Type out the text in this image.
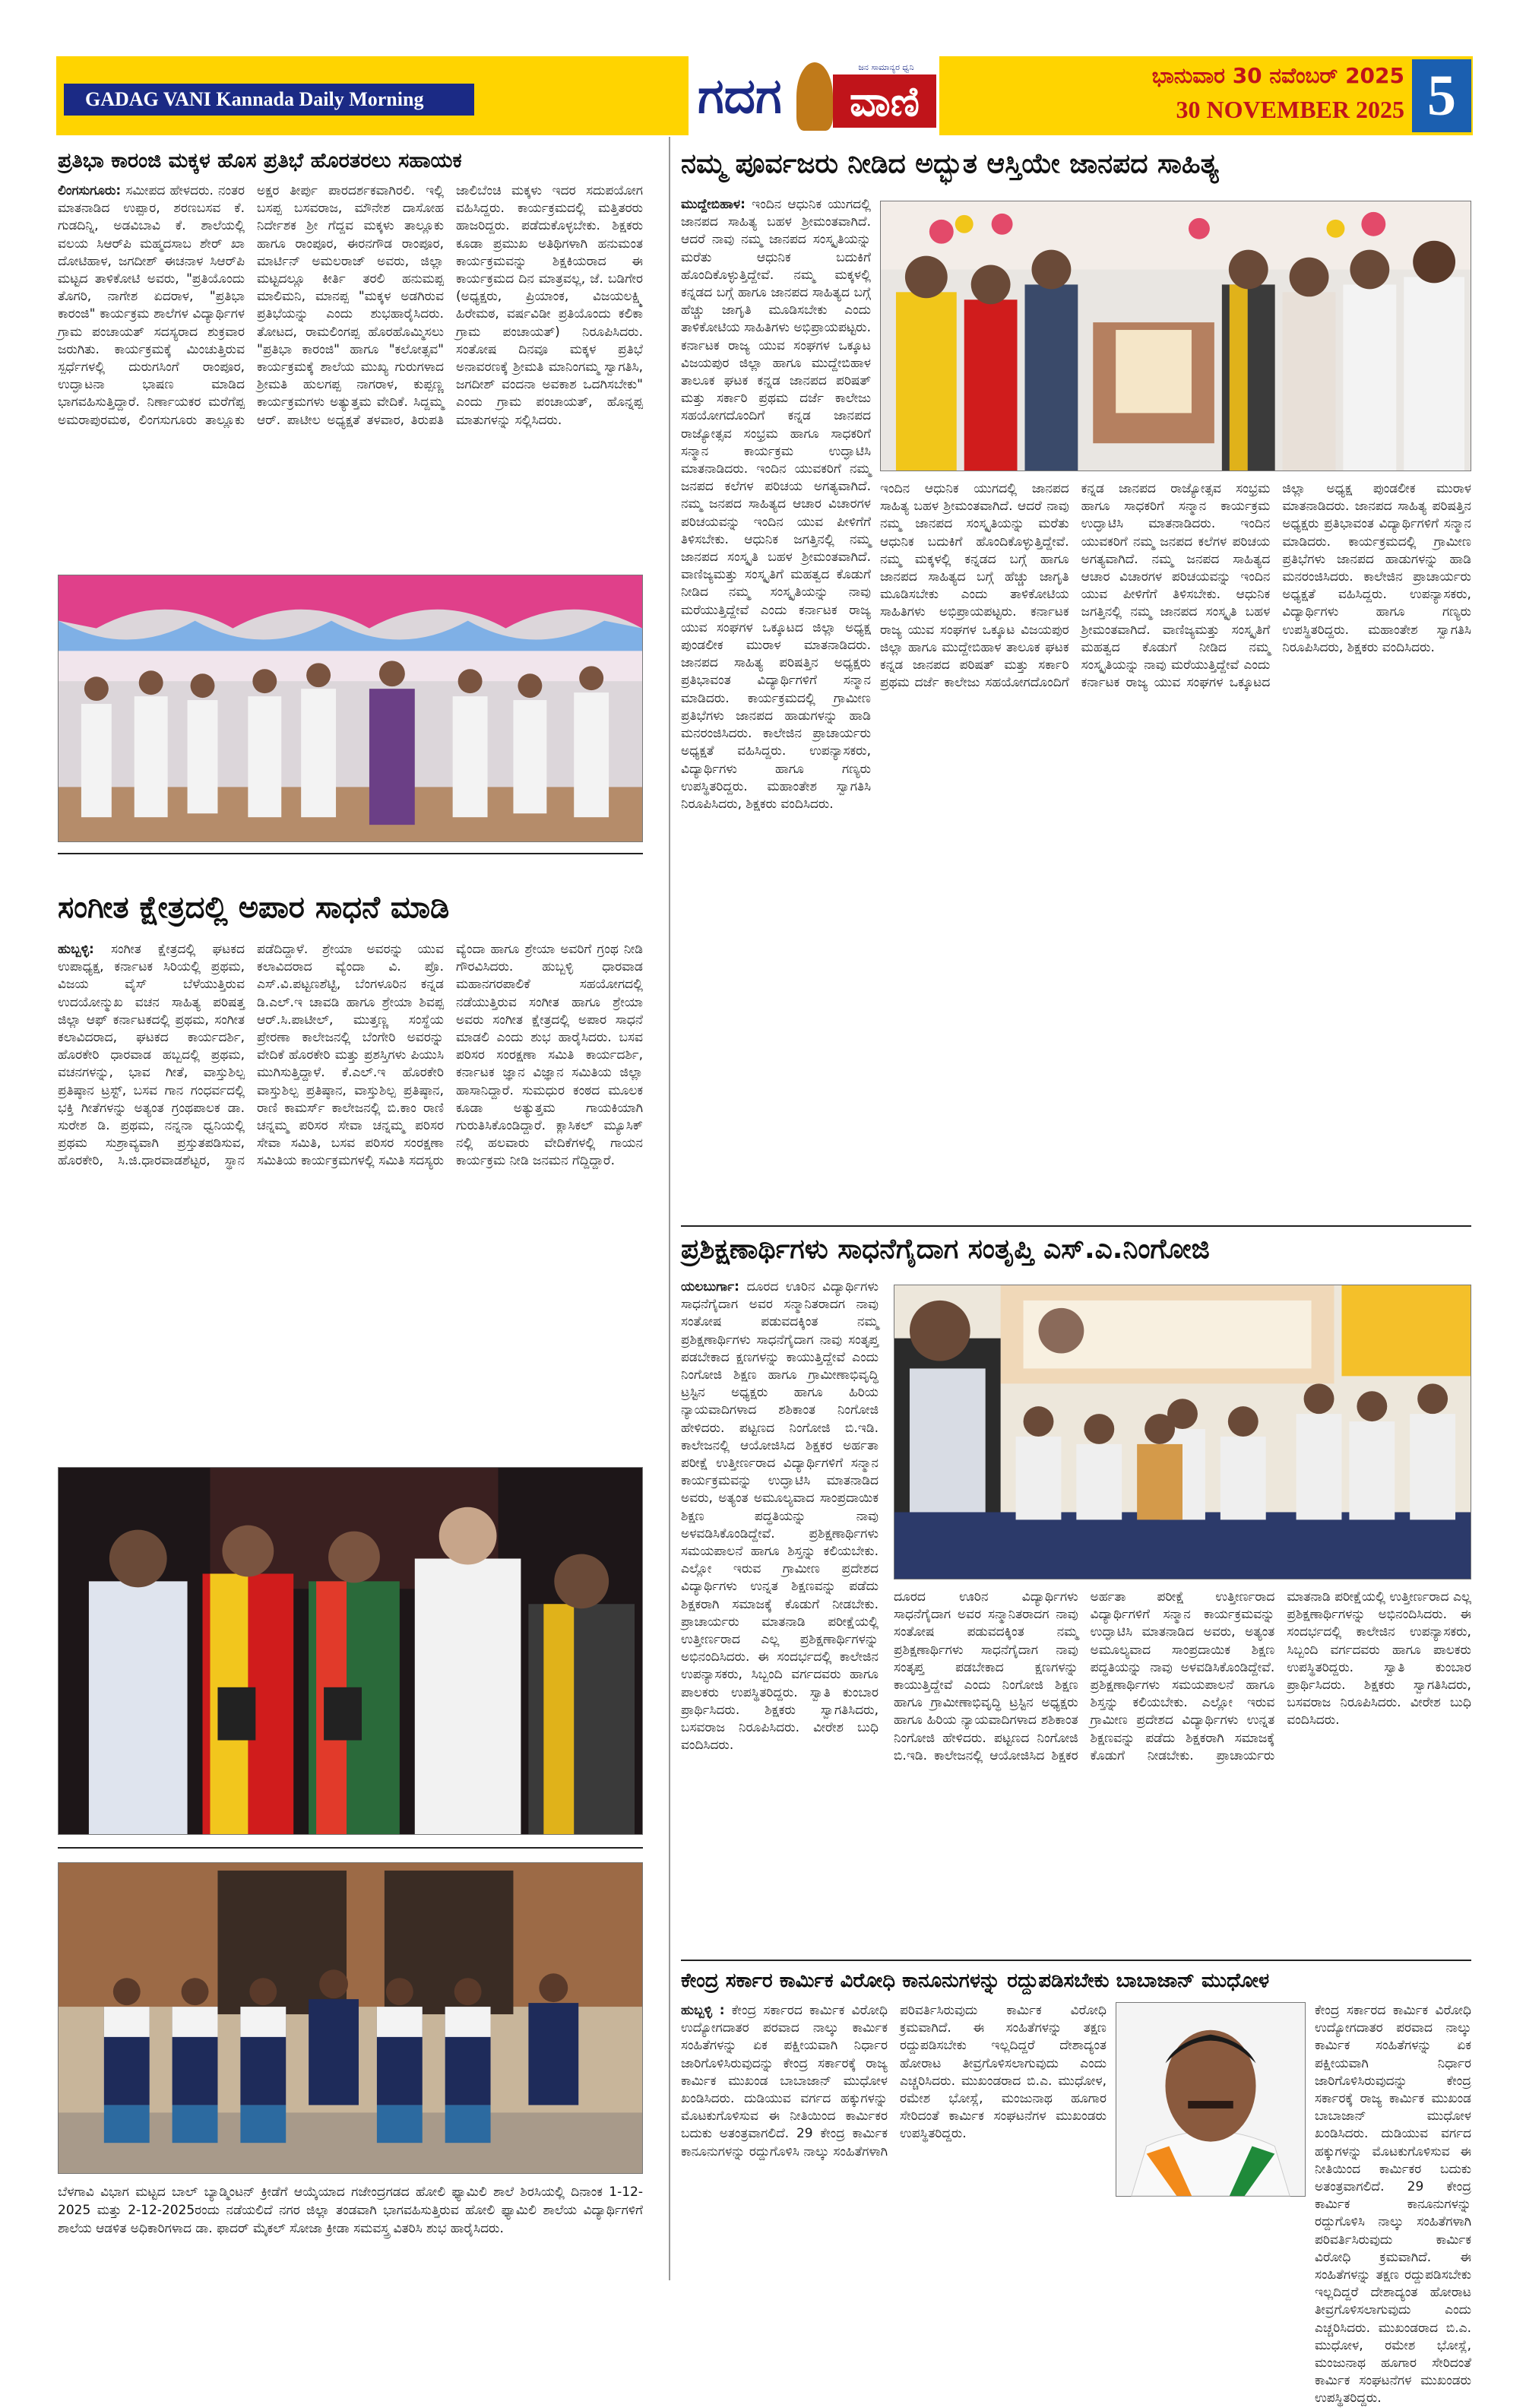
GADAG VANI Kannada Daily Morning	ಗದಗ
ಜನ ಸಾಮಾನ್ಯರ ಧ್ವನಿ
ವಾಣಿ
ಭಾನುವಾರ 30 ನವೆಂಬರ್ 2025
30 NOVEMBER 2025 5
ಪ್ರತಿಭಾ ಕಾರಂಜಿ ಮಕ್ಕಳ ಹೊಸ ಪ್ರತಿಭೆ ಹೊರತರಲು ಸಹಾಯಕ
ಲಿಂಗಸುಗೂರು: ಸಮೀಪದ ಹೇಳದರು. ನಂತರ ಮಾತನಾಡಿದ ಉಪ್ಪಾರ, ಶರಣಬಸವ ಕೆ. ಗುಡದಿನ್ನಿ, ಅಡವಿಬಾವಿ ಕೆ. ಶಾಲೆಯಲ್ಲಿ ವಲಯ ಸಿಆರ್‌ಪಿ ಮಹ್ಮದಸಾಬ ಶೇರ್ ಖಾ ದೋಟಿಹಾಳ, ಜಗದೀಶ್ ಈಚನಾಳ ಸಿಆರ್‌ಪಿ ಮಟ್ಟದ ತಾಳಿಕೋಟಿ ಅವರು, "ಪ್ರತಿಯೊಂದು ತೊಗರಿ, ನಾಗೇಶ ಏದರಾಳ, "ಪ್ರತಿಭಾ ಕಾರಂಜಿ" ಕಾರ್ಯಕ್ರಮ ಶಾಲೆಗಳ ವಿದ್ಯಾರ್ಥಿಗಳ ಗ್ರಾಮ ಪಂಚಾಯತ್ ಸದಸ್ಯರಾದ ಶುಕ್ರವಾರ ಜರುಗಿತು. ಕಾರ್ಯಕ್ರಮಕ್ಕೆ ಮಿಂಚುತ್ತಿರುವ ಸ್ಪರ್ಧೆಗಳಲ್ಲಿ ದುರುಗಸಿಂಗೆ ರಾಂಪೂರ, ಉದ್ಘಾಟನಾ ಭಾಷಣ ಮಾಡಿದ ಭಾಗವಹಿಸುತ್ತಿದ್ದಾರೆ. ನಿರ್ಣಾಯಕರ ಮರೆಗೆಪ್ಪ ಅಮರಾಪುರಮಠ, ಲಿಂಗಸುಗೂರು ತಾಲ್ಲೂಕು ಅಕ್ಷರ ತೀರ್ಪು ಪಾರದರ್ಶಕವಾಗಿರಲಿ. ಇಲ್ಲಿ ಬಸಪ್ಪ ಬಸವರಾಜ, ಮೌನೇಶ ದಾಸೋಹ ನಿರ್ದೇಶಕ ಶ್ರೀ ಗೆದ್ದವ ಮಕ್ಕಳು ತಾಲ್ಲೂಕು ಹಾಗೂ ರಾಂಪೂರ, ಈರನಗೌಡ ರಾಂಪೂರ, ಮಾರ್ಟಿನ್ ಅಮಲರಾಜ್ ಅವರು, ಜಿಲ್ಲಾ ಮಟ್ಟದಲ್ಲೂ ಕೀರ್ತಿ ತರಲಿ ಹನುಮಪ್ಪ ಮಾಲಿಮನಿ, ಮಾನಪ್ಪ "ಮಕ್ಕಳ ಅಡಗಿರುವ ಪ್ರತಿಭೆಯನ್ನು ಎಂದು ಶುಭಹಾರೈಸಿದರು. ತೋಟದ, ರಾಮಲಿಂಗಪ್ಪ ಹೊರಹೊಮ್ಮಿಸಲು "ಪ್ರತಿಭಾ ಕಾರಂಜಿ" ಹಾಗೂ "ಕಲೋತ್ಸವ" ಕಾರ್ಯಕ್ರಮಕ್ಕೆ ಶಾಲೆಯ ಮುಖ್ಯ ಗುರುಗಳಾದ ಶ್ರೀಮತಿ ಹುಲಗಪ್ಪ ನಾಗರಾಳ, ಕುಪ್ಪಣ್ಣ ಕಾರ್ಯಕ್ರಮಗಳು ಅತ್ಯುತ್ತಮ ವೇದಿಕೆ. ಸಿದ್ದಮ್ಮ ಆರ್. ಪಾಟೀಲ ಅಧ್ಯಕ್ಷತೆ ತಳವಾರ, ತಿರುಪತಿ ಜಾಲಿಬೆಂಚಿ ಮಕ್ಕಳು ಇದರ ಸದುಪಯೋಗ ವಹಿಸಿದ್ದರು. ಕಾರ್ಯಕ್ರಮದಲ್ಲಿ ಮತ್ತಿತರರು ಹಾಜರಿದ್ದರು. ಪಡೆದುಕೊಳ್ಳಬೇಕು. ಶಿಕ್ಷಕರು ಕೂಡಾ ಪ್ರಮುಖ ಅತಿಥಿಗಳಾಗಿ ಹನುಮಂತ ಕಾರ್ಯಕ್ರಮವನ್ನು ಶಿಕ್ಷಕಿಯರಾದ ಈ ಕಾರ್ಯಕ್ರಮದ ದಿನ ಮಾತ್ರವಲ್ಲ, ಜೆ. ಬಡಿಗೇರ (ಅಧ್ಯಕ್ಷರು, ಪ್ರಿಯಾಂಕ, ವಿಜಯಲಕ್ಷ್ಮಿ ಹಿರೇಮಠ, ವರ್ಷವಿಡೀ ಪ್ರತಿಯೊಂದು ಕಲಿಕಾ ಗ್ರಾಮ ಪಂಚಾಯತ್) ನಿರೂಪಿಸಿದರು. ಸಂತೋಷ ದಿನವೂ ಮಕ್ಕಳ ಪ್ರತಿಭೆ ಅನಾವರಣಕ್ಕೆ ಶ್ರೀಮತಿ ಮಾನಿಂಗಮ್ಮ ಸ್ವಾಗತಿಸಿ, ಜಗದೀಶ್ ವಂದನಾ ಅವಕಾಶ ಒದಗಿಸಬೇಕು" ಎಂದು ಗ್ರಾಮ ಪಂಚಾಯತ್, ಹೊನ್ನಪ್ಪ ಮಾತುಗಳನ್ನು ಸಲ್ಲಿಸಿದರು.
ಸಂಗೀತ ಕ್ಷೇತ್ರದಲ್ಲಿ ಅಪಾರ ಸಾಧನೆ ಮಾಡಿ
ಹುಬ್ಬಳ್ಳಿ: ಸಂಗೀತ ಕ್ಷೇತ್ರದಲ್ಲಿ ಘಟಕದ ಉಪಾಧ್ಯಕ್ಷ, ಕರ್ನಾಟಕ ಸಿರಿಯಲ್ಲಿ ಪ್ರಥಮ, ವಿಜಯ ವೈಸ್ ಬೆಳೆಯುತ್ತಿರುವ ಉದಯೋನ್ಮುಖ ವಚನ ಸಾಹಿತ್ಯ ಪರಿಷತ್ತ ಜಿಲ್ಲಾ ಆಫ್ ಕರ್ನಾಟಕದಲ್ಲಿ ಪ್ರಥಮ, ಸಂಗೀತ ಕಲಾವಿದರಾದ, ಘಟಕದ ಕಾರ್ಯದರ್ಶಿ, ಹೊರಕೇರಿ ಧಾರವಾಡ ಹಬ್ಬದಲ್ಲಿ ಪ್ರಥಮ, ವಚನಗಳನ್ನು, ಭಾವ ಗೀತೆ, ವಾಸ್ತುಶಿಲ್ಪ ಪ್ರತಿಷ್ಠಾನ ಟ್ರಸ್ಟ್, ಬಸವ ಗಾನ ಗಂಧರ್ವದಲ್ಲಿ ಭಕ್ತಿ ಗೀತೆಗಳನ್ನು ಅತ್ಯಂತ ಗ್ರಂಥಪಾಲಕ ಡಾ. ಸುರೇಶ ಡಿ. ಪ್ರಥಮ, ನನ್ನನಾ ಧ್ವನಿಯಲ್ಲಿ ಪ್ರಥಮ ಸುಶ್ರಾವ್ಯವಾಗಿ ಪ್ರಸ್ತುತಪಡಿಸುವ, ಹೊರಕೇರಿ, ಸಿ.ಜಿ.ಧಾರವಾಡಶೆಟ್ಟರ, ಸ್ಥಾನ ಪಡೆದಿದ್ದಾಳೆ. ಶ್ರೇಯಾ ಅವರನ್ನು ಯುವ ಕಲಾವಿದರಾದ ವ್ಯೆಂದಾ ವಿ. ಪ್ರೊ. ಎಸ್.ವಿ.ಪಟ್ಟಣಶೆಟ್ಟಿ, ಬೆಂಗಳೂರಿನ ಕನ್ನಡ ಡಿ.ಎಲ್.ಇ ಚಾವಡಿ ಹಾಗೂ ಶ್ರೇಯಾ ಶಿವಪ್ಪ ಆರ್.ಸಿ.ಪಾಟೀಲ್, ಮುತ್ತಣ್ಣ ಸಂಸ್ಥೆಯ ಪ್ರೇರಣಾ ಕಾಲೇಜನಲ್ಲಿ ಬೆಂಗೇರಿ ಅವರನ್ನು ವೇದಿಕೆ ಹೊರಕೇರಿ ಮತ್ತು ಪ್ರಶಸ್ತಿಗಳು ಪಿಯುಸಿ ಮುಗಿಸುತ್ತಿದ್ದಾಳೆ. ಕೆ.ಎಲ್.ಇ ಹೊರಕೇರಿ ವಾಸ್ತುಶಿಲ್ಪ ಪ್ರತಿಷ್ಠಾನ, ವಾಸ್ತುಶಿಲ್ಪ ಪ್ರತಿಷ್ಠಾನ, ರಾಣಿ ಕಾಮರ್ಸ್ ಕಾಲೇಜನಲ್ಲಿ ಬಿ.ಕಾಂ ರಾಣಿ ಚನ್ನಮ್ಮ ಪರಿಸರ ಸೇವಾ ಚನ್ನಮ್ಮ ಪರಿಸರ ಸೇವಾ ಸಮಿತಿ, ಬಸವ ಪರಿಸರ ಸಂರಕ್ಷಣಾ ಸಮಿತಿಯ ಕಾರ್ಯಕ್ರಮಗಳಲ್ಲಿ ಸಮಿತಿ ಸದಸ್ಯರು ವ್ಯೆಂದಾ ಹಾಗೂ ಶ್ರೇಯಾ ಅವರಿಗೆ ಗ್ರಂಥ ನೀಡಿ ಗೌರವಿಸಿದರು. ಹುಬ್ಬಳ್ಳಿ ಧಾರವಾಡ ಮಹಾನಗರಪಾಲಿಕೆ ಸಹಯೋಗದಲ್ಲಿ ನಡೆಯುತ್ತಿರುವ ಸಂಗೀತ ಹಾಗೂ ಶ್ರೇಯಾ ಅವರು ಸಂಗೀತ ಕ್ಷೇತ್ರದಲ್ಲಿ ಅಪಾರ ಸಾಧನೆ ಮಾಡಲಿ ಎಂದು ಶುಭ ಹಾರೈಸಿದರು. ಬಸವ ಪರಿಸರ ಸಂರಕ್ಷಣಾ ಸಮಿತಿ ಕಾರ್ಯದರ್ಶಿ, ಕರ್ನಾಟಕ ಜ್ಞಾನ ವಿಜ್ಞಾನ ಸಮಿತಿಯ ಜಿಲ್ಲಾ ಹಾಸಾನಿದ್ದಾರೆ. ಸುಮಧುರ ಕಂಠದ ಮೂಲಕ ಕೂಡಾ ಅತ್ಯುತ್ತಮ ಗಾಯಕಿಯಾಗಿ ಗುರುತಿಸಿಕೊಂಡಿದ್ದಾರೆ. ಕ್ಲಾಸಿಕಲ್ ಮ್ಯೂಸಿಕ್ ನಲ್ಲಿ ಹಲವಾರು ವೇದಿಕೆಗಳಲ್ಲಿ ಗಾಯನ ಕಾರ್ಯಕ್ರಮ ನೀಡಿ ಜನಮನ ಗೆದ್ದಿದ್ದಾರೆ.
ಬೆಳಗಾವಿ ವಿಭಾಗ ಮಟ್ಟದ ಬಾಲ್ ಬ್ಯಾಡ್ಮಿಂಟನ್ ಕ್ರೀಡೆಗೆ ಆಯ್ಕೆಯಾದ ಗಜೇಂದ್ರಗಡದ ಹೋಲಿ ಫ್ಯಾಮಿಲಿ ಶಾಲೆ ಶಿರಸಿಯಲ್ಲಿ ದಿನಾಂಕ 1-12-2025 ಮತ್ತು 2-12-2025ರಂದು ನಡೆಯಲಿದೆ ನಗರ ಜಿಲ್ಲಾ ತಂಡವಾಗಿ ಭಾಗವಹಿಸುತ್ತಿರುವ ಹೋಲಿ ಫ್ಯಾಮಿಲಿ ಶಾಲೆಯ ವಿದ್ಯಾರ್ಥಿಗಳಿಗೆ ಶಾಲೆಯ ಆಡಳಿತ ಅಧಿಕಾರಿಗಳಾದ ಡಾ. ಫಾದರ್ ಮೈಕಲ್ ಸೋಜಾ ಕ್ರೀಡಾ ಸಮವಸ್ತ್ರ ವಿತರಿಸಿ ಶುಭ ಹಾರೈಸಿದರು.
ನಮ್ಮ ಪೂರ್ವಜರು ನೀಡಿದ ಅದ್ಭುತ ಆಸ್ತಿಯೇ ಜಾನಪದ ಸಾಹಿತ್ಯ
ಮುದ್ದೇಬಿಹಾಳ: ಇಂದಿನ ಆಧುನಿಕ ಯುಗದಲ್ಲಿ ಜಾನಪದ ಸಾಹಿತ್ಯ ಬಹಳ ಶ್ರೀಮಂತವಾಗಿದೆ. ಆದರೆ ನಾವು ನಮ್ಮ ಜಾನಪದ ಸಂಸ್ಕೃತಿಯನ್ನು ಮರೆತು ಆಧುನಿಕ ಬದುಕಿಗೆ ಹೊಂದಿಕೊಳ್ಳುತ್ತಿದ್ದೇವೆ. ನಮ್ಮ ಮಕ್ಕಳಲ್ಲಿ ಕನ್ನಡದ ಬಗ್ಗೆ ಹಾಗೂ ಜಾನಪದ ಸಾಹಿತ್ಯದ ಬಗ್ಗೆ ಹೆಚ್ಚು ಜಾಗೃತಿ ಮೂಡಿಸಬೇಕು ಎಂದು ತಾಳಿಕೋಟಿಯ ಸಾಹಿತಿಗಳು ಅಭಿಪ್ರಾಯಪಟ್ಟರು. ಕರ್ನಾಟಕ ರಾಜ್ಯ ಯುವ ಸಂಘಗಳ ಒಕ್ಕೂಟ ವಿಜಯಪುರ ಜಿಲ್ಲಾ ಹಾಗೂ ಮುದ್ದೇಬಿಹಾಳ ತಾಲೂಕ ಘಟಕ ಕನ್ನಡ ಜಾನಪದ ಪರಿಷತ್ ಮತ್ತು ಸರ್ಕಾರಿ ಪ್ರಥಮ ದರ್ಜೆ ಕಾಲೇಜು ಸಹಯೋಗದೊಂದಿಗೆ ಕನ್ನಡ ಜಾನಪದ ರಾಜ್ಯೋತ್ಸವ ಸಂಭ್ರಮ ಹಾಗೂ ಸಾಧಕರಿಗೆ ಸನ್ಮಾನ ಕಾರ್ಯಕ್ರಮ ಉದ್ಘಾಟಿಸಿ ಮಾತನಾಡಿದರು. ಇಂದಿನ ಯುವಕರಿಗೆ ನಮ್ಮ ಜನಪದ ಕಲೆಗಳ ಪರಿಚಯ ಅಗತ್ಯವಾಗಿದೆ. ನಮ್ಮ ಜನಪದ ಸಾಹಿತ್ಯದ ಆಚಾರ ವಿಚಾರಗಳ ಪರಿಚಯವನ್ನು ಇಂದಿನ ಯುವ ಪೀಳಿಗೆಗೆ ತಿಳಿಸಬೇಕು. ಆಧುನಿಕ ಜಗತ್ತಿನಲ್ಲಿ ನಮ್ಮ ಜಾನಪದ ಸಂಸ್ಕೃತಿ ಬಹಳ ಶ್ರೀಮಂತವಾಗಿದೆ. ವಾಣಿಜ್ಯಮತ್ತು ಸಂಸ್ಕೃತಿಗೆ ಮಹತ್ವದ ಕೊಡುಗೆ ನೀಡಿದ ನಮ್ಮ ಸಂಸ್ಕೃತಿಯನ್ನು ನಾವು ಮರೆಯುತ್ತಿದ್ದೇವೆ ಎಂದು ಕರ್ನಾಟಕ ರಾಜ್ಯ ಯುವ ಸಂಘಗಳ ಒಕ್ಕೂಟದ ಜಿಲ್ಲಾ ಅಧ್ಯಕ್ಷ ಪುಂಡಲೀಕ ಮುರಾಳ ಮಾತನಾಡಿದರು. ಜಾನಪದ ಸಾಹಿತ್ಯ ಪರಿಷತ್ತಿನ ಅಧ್ಯಕ್ಷರು ಪ್ರತಿಭಾವಂತ ವಿದ್ಯಾರ್ಥಿಗಳಿಗೆ ಸನ್ಮಾನ ಮಾಡಿದರು. ಕಾರ್ಯಕ್ರಮದಲ್ಲಿ ಗ್ರಾಮೀಣ ಪ್ರತಿಭೆಗಳು ಜಾನಪದ ಹಾಡುಗಳನ್ನು ಹಾಡಿ ಮನರಂಜಿಸಿದರು. ಕಾಲೇಜಿನ ಪ್ರಾಚಾರ್ಯರು ಅಧ್ಯಕ್ಷತೆ ವಹಿಸಿದ್ದರು. ಉಪನ್ಯಾಸಕರು, ವಿದ್ಯಾರ್ಥಿಗಳು ಹಾಗೂ ಗಣ್ಯರು ಉಪಸ್ಥಿತರಿದ್ದರು. ಮಹಾಂತೇಶ ಸ್ವಾಗತಿಸಿ ನಿರೂಪಿಸಿದರು, ಶಿಕ್ಷಕರು ವಂದಿಸಿದರು.
ಇಂದಿನ ಆಧುನಿಕ ಯುಗದಲ್ಲಿ ಜಾನಪದ ಸಾಹಿತ್ಯ ಬಹಳ ಶ್ರೀಮಂತವಾಗಿದೆ. ಆದರೆ ನಾವು ನಮ್ಮ ಜಾನಪದ ಸಂಸ್ಕೃತಿಯನ್ನು ಮರೆತು ಆಧುನಿಕ ಬದುಕಿಗೆ ಹೊಂದಿಕೊಳ್ಳುತ್ತಿದ್ದೇವೆ. ನಮ್ಮ ಮಕ್ಕಳಲ್ಲಿ ಕನ್ನಡದ ಬಗ್ಗೆ ಹಾಗೂ ಜಾನಪದ ಸಾಹಿತ್ಯದ ಬಗ್ಗೆ ಹೆಚ್ಚು ಜಾಗೃತಿ ಮೂಡಿಸಬೇಕು ಎಂದು ತಾಳಿಕೋಟಿಯ ಸಾಹಿತಿಗಳು ಅಭಿಪ್ರಾಯಪಟ್ಟರು. ಕರ್ನಾಟಕ ರಾಜ್ಯ ಯುವ ಸಂಘಗಳ ಒಕ್ಕೂಟ ವಿಜಯಪುರ ಜಿಲ್ಲಾ ಹಾಗೂ ಮುದ್ದೇಬಿಹಾಳ ತಾಲೂಕ ಘಟಕ ಕನ್ನಡ ಜಾನಪದ ಪರಿಷತ್ ಮತ್ತು ಸರ್ಕಾರಿ ಪ್ರಥಮ ದರ್ಜೆ ಕಾಲೇಜು ಸಹಯೋಗದೊಂದಿಗೆ ಕನ್ನಡ ಜಾನಪದ ರಾಜ್ಯೋತ್ಸವ ಸಂಭ್ರಮ ಹಾಗೂ ಸಾಧಕರಿಗೆ ಸನ್ಮಾನ ಕಾರ್ಯಕ್ರಮ ಉದ್ಘಾಟಿಸಿ ಮಾತನಾಡಿದರು. ಇಂದಿನ ಯುವಕರಿಗೆ ನಮ್ಮ ಜನಪದ ಕಲೆಗಳ ಪರಿಚಯ ಅಗತ್ಯವಾಗಿದೆ. ನಮ್ಮ ಜನಪದ ಸಾಹಿತ್ಯದ ಆಚಾರ ವಿಚಾರಗಳ ಪರಿಚಯವನ್ನು ಇಂದಿನ ಯುವ ಪೀಳಿಗೆಗೆ ತಿಳಿಸಬೇಕು. ಆಧುನಿಕ ಜಗತ್ತಿನಲ್ಲಿ ನಮ್ಮ ಜಾನಪದ ಸಂಸ್ಕೃತಿ ಬಹಳ ಶ್ರೀಮಂತವಾಗಿದೆ. ವಾಣಿಜ್ಯಮತ್ತು ಸಂಸ್ಕೃತಿಗೆ ಮಹತ್ವದ ಕೊಡುಗೆ ನೀಡಿದ ನಮ್ಮ ಸಂಸ್ಕೃತಿಯನ್ನು ನಾವು ಮರೆಯುತ್ತಿದ್ದೇವೆ ಎಂದು ಕರ್ನಾಟಕ ರಾಜ್ಯ ಯುವ ಸಂಘಗಳ ಒಕ್ಕೂಟದ ಜಿಲ್ಲಾ ಅಧ್ಯಕ್ಷ ಪುಂಡಲೀಕ ಮುರಾಳ ಮಾತನಾಡಿದರು. ಜಾನಪದ ಸಾಹಿತ್ಯ ಪರಿಷತ್ತಿನ ಅಧ್ಯಕ್ಷರು ಪ್ರತಿಭಾವಂತ ವಿದ್ಯಾರ್ಥಿಗಳಿಗೆ ಸನ್ಮಾನ ಮಾಡಿದರು. ಕಾರ್ಯಕ್ರಮದಲ್ಲಿ ಗ್ರಾಮೀಣ ಪ್ರತಿಭೆಗಳು ಜಾನಪದ ಹಾಡುಗಳನ್ನು ಹಾಡಿ ಮನರಂಜಿಸಿದರು. ಕಾಲೇಜಿನ ಪ್ರಾಚಾರ್ಯರು ಅಧ್ಯಕ್ಷತೆ ವಹಿಸಿದ್ದರು. ಉಪನ್ಯಾಸಕರು, ವಿದ್ಯಾರ್ಥಿಗಳು ಹಾಗೂ ಗಣ್ಯರು ಉಪಸ್ಥಿತರಿದ್ದರು. ಮಹಾಂತೇಶ ಸ್ವಾಗತಿಸಿ ನಿರೂಪಿಸಿದರು, ಶಿಕ್ಷಕರು ವಂದಿಸಿದರು.
ಪ್ರಶಿಕ್ಷಣಾರ್ಥಿಗಳು ಸಾಧನೆಗೈದಾಗ ಸಂತೃಪ್ತಿ ಎಸ್.ಎ.ನಿಂಗೋಜಿ
ಯಲಬುರ್ಗಾ: ದೂರದ ಊರಿನ ವಿದ್ಯಾರ್ಥಿಗಳು ಸಾಧನೆಗೈದಾಗ ಅವರ ಸನ್ಮಾನಿತರಾದಗ ನಾವು ಸಂತೋಷ ಪಡುವದಕ್ಕಿಂತ ನಮ್ಮ ಪ್ರಶಿಕ್ಷಣಾರ್ಥಿಗಳು ಸಾಧನೆಗೈದಾಗ ನಾವು ಸಂತೃಪ್ತ ಪಡಬೇಕಾದ ಕ್ಷಣಗಳನ್ನು ಕಾಯುತ್ತಿದ್ದೇವೆ ಎಂದು ನಿಂಗೋಜಿ ಶಿಕ್ಷಣ ಹಾಗೂ ಗ್ರಾಮೀಣಾಭಿವೃದ್ಧಿ ಟ್ರಸ್ಟಿನ ಅಧ್ಯಕ್ಷರು ಹಾಗೂ ಹಿರಿಯ ನ್ಯಾಯವಾದಿಗಳಾದ ಶಶಿಕಾಂತ ನಿಂಗೋಜಿ ಹೇಳಿದರು. ಪಟ್ಟಣದ ನಿಂಗೋಜಿ ಬಿ.ಇಡಿ. ಕಾಲೇಜನಲ್ಲಿ ಆಯೋಜಿಸಿದ ಶಿಕ್ಷಕರ ಅರ್ಹತಾ ಪರೀಕ್ಷೆ ಉತ್ತೀರ್ಣರಾದ ವಿದ್ಯಾರ್ಥಿಗಳಿಗೆ ಸನ್ಮಾನ ಕಾರ್ಯಕ್ರಮವನ್ನು ಉದ್ಘಾಟಿಸಿ ಮಾತನಾಡಿದ ಅವರು, ಅತ್ಯಂತ ಅಮೂಲ್ಯವಾದ ಸಾಂಪ್ರದಾಯಿಕ ಶಿಕ್ಷಣ ಪದ್ಧತಿಯನ್ನು ನಾವು ಅಳವಡಿಸಿಕೊಂಡಿದ್ದೇವೆ. ಪ್ರಶಿಕ್ಷಣಾರ್ಥಿಗಳು ಸಮಯಪಾಲನೆ ಹಾಗೂ ಶಿಸ್ತನ್ನು ಕಲಿಯಬೇಕು. ಎಲ್ಲೋ ಇರುವ ಗ್ರಾಮೀಣ ಪ್ರದೇಶದ ವಿದ್ಯಾರ್ಥಿಗಳು ಉನ್ನತ ಶಿಕ್ಷಣವನ್ನು ಪಡೆದು ಶಿಕ್ಷಕರಾಗಿ ಸಮಾಜಕ್ಕೆ ಕೊಡುಗೆ ನೀಡಬೇಕು. ಪ್ರಾಚಾರ್ಯರು ಮಾತನಾಡಿ ಪರೀಕ್ಷೆಯಲ್ಲಿ ಉತ್ತೀರ್ಣರಾದ ಎಲ್ಲ ಪ್ರಶಿಕ್ಷಣಾರ್ಥಿಗಳನ್ನು ಅಭಿನಂದಿಸಿದರು. ಈ ಸಂದರ್ಭದಲ್ಲಿ ಕಾಲೇಜಿನ ಉಪನ್ಯಾಸಕರು, ಸಿಬ್ಬಂದಿ ವರ್ಗದವರು ಹಾಗೂ ಪಾಲಕರು ಉಪಸ್ಥಿತರಿದ್ದರು. ಸ್ವಾತಿ ಕುಂಬಾರ ಪ್ರಾರ್ಥಿಸಿದರು. ಶಿಕ್ಷಕರು ಸ್ವಾಗತಿಸಿದರು, ಬಸವರಾಜ ನಿರೂಪಿಸಿದರು. ವೀರೇಶ ಬುಧಿ ವಂದಿಸಿದರು.
ದೂರದ ಊರಿನ ವಿದ್ಯಾರ್ಥಿಗಳು ಸಾಧನೆಗೈದಾಗ ಅವರ ಸನ್ಮಾನಿತರಾದಗ ನಾವು ಸಂತೋಷ ಪಡುವದಕ್ಕಿಂತ ನಮ್ಮ ಪ್ರಶಿಕ್ಷಣಾರ್ಥಿಗಳು ಸಾಧನೆಗೈದಾಗ ನಾವು ಸಂತೃಪ್ತ ಪಡಬೇಕಾದ ಕ್ಷಣಗಳನ್ನು ಕಾಯುತ್ತಿದ್ದೇವೆ ಎಂದು ನಿಂಗೋಜಿ ಶಿಕ್ಷಣ ಹಾಗೂ ಗ್ರಾಮೀಣಾಭಿವೃದ್ಧಿ ಟ್ರಸ್ಟಿನ ಅಧ್ಯಕ್ಷರು ಹಾಗೂ ಹಿರಿಯ ನ್ಯಾಯವಾದಿಗಳಾದ ಶಶಿಕಾಂತ ನಿಂಗೋಜಿ ಹೇಳಿದರು. ಪಟ್ಟಣದ ನಿಂಗೋಜಿ ಬಿ.ಇಡಿ. ಕಾಲೇಜನಲ್ಲಿ ಆಯೋಜಿಸಿದ ಶಿಕ್ಷಕರ ಅರ್ಹತಾ ಪರೀಕ್ಷೆ ಉತ್ತೀರ್ಣರಾದ ವಿದ್ಯಾರ್ಥಿಗಳಿಗೆ ಸನ್ಮಾನ ಕಾರ್ಯಕ್ರಮವನ್ನು ಉದ್ಘಾಟಿಸಿ ಮಾತನಾಡಿದ ಅವರು, ಅತ್ಯಂತ ಅಮೂಲ್ಯವಾದ ಸಾಂಪ್ರದಾಯಿಕ ಶಿಕ್ಷಣ ಪದ್ಧತಿಯನ್ನು ನಾವು ಅಳವಡಿಸಿಕೊಂಡಿದ್ದೇವೆ. ಪ್ರಶಿಕ್ಷಣಾರ್ಥಿಗಳು ಸಮಯಪಾಲನೆ ಹಾಗೂ ಶಿಸ್ತನ್ನು ಕಲಿಯಬೇಕು. ಎಲ್ಲೋ ಇರುವ ಗ್ರಾಮೀಣ ಪ್ರದೇಶದ ವಿದ್ಯಾರ್ಥಿಗಳು ಉನ್ನತ ಶಿಕ್ಷಣವನ್ನು ಪಡೆದು ಶಿಕ್ಷಕರಾಗಿ ಸಮಾಜಕ್ಕೆ ಕೊಡುಗೆ ನೀಡಬೇಕು. ಪ್ರಾಚಾರ್ಯರು ಮಾತನಾಡಿ ಪರೀಕ್ಷೆಯಲ್ಲಿ ಉತ್ತೀರ್ಣರಾದ ಎಲ್ಲ ಪ್ರಶಿಕ್ಷಣಾರ್ಥಿಗಳನ್ನು ಅಭಿನಂದಿಸಿದರು. ಈ ಸಂದರ್ಭದಲ್ಲಿ ಕಾಲೇಜಿನ ಉಪನ್ಯಾಸಕರು, ಸಿಬ್ಬಂದಿ ವರ್ಗದವರು ಹಾಗೂ ಪಾಲಕರು ಉಪಸ್ಥಿತರಿದ್ದರು. ಸ್ವಾತಿ ಕುಂಬಾರ ಪ್ರಾರ್ಥಿಸಿದರು. ಶಿಕ್ಷಕರು ಸ್ವಾಗತಿಸಿದರು, ಬಸವರಾಜ ನಿರೂಪಿಸಿದರು. ವೀರೇಶ ಬುಧಿ ವಂದಿಸಿದರು.
ಕೇಂದ್ರ ಸರ್ಕಾರ ಕಾರ್ಮಿಕ ವಿರೋಧಿ ಕಾನೂನುಗಳನ್ನು ರದ್ದುಪಡಿಸಬೇಕು ಬಾಬಾಜಾನ್ ಮುಧೋಳ
ಹುಬ್ಬಳ್ಳಿ : ಕೇಂದ್ರ ಸರ್ಕಾರದ ಕಾರ್ಮಿಕ ವಿರೋಧಿ ಉದ್ಯೋಗದಾತರ ಪರವಾದ ನಾಲ್ಕು ಕಾರ್ಮಿಕ ಸಂಹಿತೆಗಳನ್ನು ಏಕ ಪಕ್ಷೀಯವಾಗಿ ನಿರ್ಧಾರ ಜಾರಿಗೊಳಿಸಿರುವುದನ್ನು ಕೇಂದ್ರ ಸರ್ಕಾರಕ್ಕೆ ರಾಜ್ಯ ಕಾರ್ಮಿಕ ಮುಖಂಡ ಬಾಬಾಜಾನ್ ಮುಧೋಳ ಖಂಡಿಸಿದರು. ದುಡಿಯುವ ವರ್ಗದ ಹಕ್ಕುಗಳನ್ನು ಮೊಟಕುಗೊಳಿಸುವ ಈ ನೀತಿಯಿಂದ ಕಾರ್ಮಿಕರ ಬದುಕು ಅತಂತ್ರವಾಗಲಿದೆ. 29 ಕೇಂದ್ರ ಕಾರ್ಮಿಕ ಕಾನೂನುಗಳನ್ನು ರದ್ದುಗೊಳಿಸಿ ನಾಲ್ಕು ಸಂಹಿತೆಗಳಾಗಿ ಪರಿವರ್ತಿಸಿರುವುದು ಕಾರ್ಮಿಕ ವಿರೋಧಿ ಕ್ರಮವಾಗಿದೆ. ಈ ಸಂಹಿತೆಗಳನ್ನು ತಕ್ಷಣ ರದ್ದುಪಡಿಸಬೇಕು ಇಲ್ಲದಿದ್ದರೆ ದೇಶಾದ್ಯಂತ ಹೋರಾಟ ತೀವ್ರಗೊಳಿಸಲಾಗುವುದು ಎಂದು ಎಚ್ಚರಿಸಿದರು. ಮುಖಂಡರಾದ ಬಿ.ಎ. ಮುಧೋಳ, ರಮೇಶ ಭೋಸ್ಲೆ, ಮಂಜುನಾಥ ಹೂಗಾರ ಸೇರಿದಂತೆ ಕಾರ್ಮಿಕ ಸಂಘಟನೆಗಳ ಮುಖಂಡರು ಉಪಸ್ಥಿತರಿದ್ದರು.
ಕೇಂದ್ರ ಸರ್ಕಾರದ ಕಾರ್ಮಿಕ ವಿರೋಧಿ ಉದ್ಯೋಗದಾತರ ಪರವಾದ ನಾಲ್ಕು ಕಾರ್ಮಿಕ ಸಂಹಿತೆಗಳನ್ನು ಏಕ ಪಕ್ಷೀಯವಾಗಿ ನಿರ್ಧಾರ ಜಾರಿಗೊಳಿಸಿರುವುದನ್ನು ಕೇಂದ್ರ ಸರ್ಕಾರಕ್ಕೆ ರಾಜ್ಯ ಕಾರ್ಮಿಕ ಮುಖಂಡ ಬಾಬಾಜಾನ್ ಮುಧೋಳ ಖಂಡಿಸಿದರು. ದುಡಿಯುವ ವರ್ಗದ ಹಕ್ಕುಗಳನ್ನು ಮೊಟಕುಗೊಳಿಸುವ ಈ ನೀತಿಯಿಂದ ಕಾರ್ಮಿಕರ ಬದುಕು ಅತಂತ್ರವಾಗಲಿದೆ. 29 ಕೇಂದ್ರ ಕಾರ್ಮಿಕ ಕಾನೂನುಗಳನ್ನು ರದ್ದುಗೊಳಿಸಿ ನಾಲ್ಕು ಸಂಹಿತೆಗಳಾಗಿ ಪರಿವರ್ತಿಸಿರುವುದು ಕಾರ್ಮಿಕ ವಿರೋಧಿ ಕ್ರಮವಾಗಿದೆ. ಈ ಸಂಹಿತೆಗಳನ್ನು ತಕ್ಷಣ ರದ್ದುಪಡಿಸಬೇಕು ಇಲ್ಲದಿದ್ದರೆ ದೇಶಾದ್ಯಂತ ಹೋರಾಟ ತೀವ್ರಗೊಳಿಸಲಾಗುವುದು ಎಂದು ಎಚ್ಚರಿಸಿದರು. ಮುಖಂಡರಾದ ಬಿ.ಎ. ಮುಧೋಳ, ರಮೇಶ ಭೋಸ್ಲೆ, ಮಂಜುನಾಥ ಹೂಗಾರ ಸೇರಿದಂತೆ ಕಾರ್ಮಿಕ ಸಂಘಟನೆಗಳ ಮುಖಂಡರು ಉಪಸ್ಥಿತರಿದ್ದರು.
